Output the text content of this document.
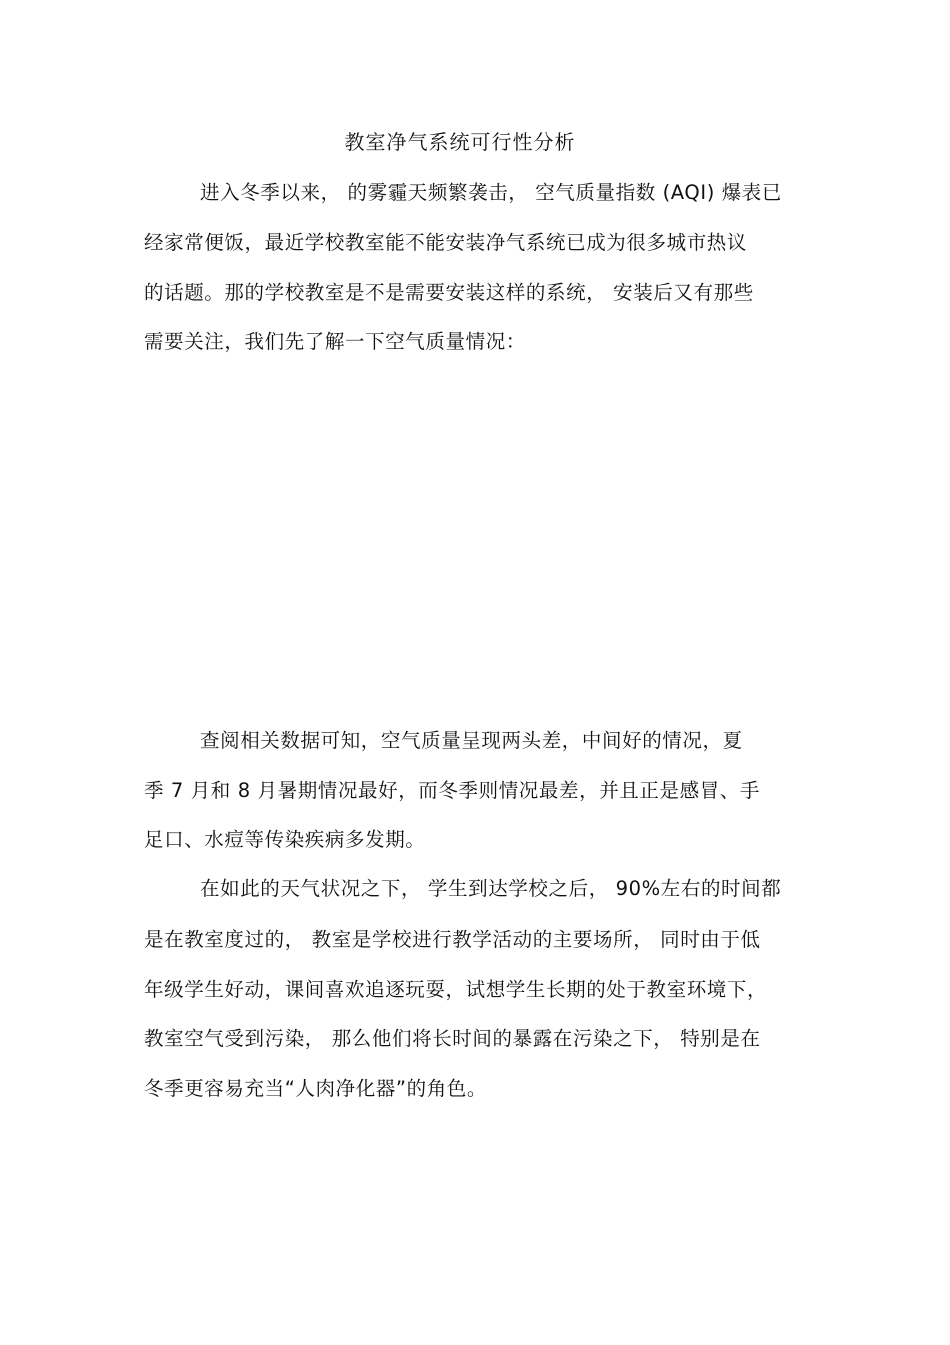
教室净气系统可行性分析
进入冬季以来， 的雾霾天频繁袭击， 空气质量指数 (AQI) 爆表已
经家常便饭，最近学校教室能不能安装净气系统已成为很多城市热议
的话题。那的学校教室是不是需要安装这样的系统， 安装后又有那些
需要关注，我们先了解一下空气质量情况：
查阅相关数据可知，空气质量呈现两头差，中间好的情况，夏
季 7 月和 8 月暑期情况最好，而冬季则情况最差，并且正是感冒、手
足口、水痘等传染疾病多发期。
在如此的天气状况之下， 学生到达学校之后， 90%左右的时间都
是在教室度过的， 教室是学校进行教学活动的主要场所， 同时由于低
年级学生好动，课间喜欢追逐玩耍，试想学生长期的处于教室环境下，
教室空气受到污染， 那么他们将长时间的暴露在污染之下， 特别是在
冬季更容易充当“人肉净化器”的角色。
